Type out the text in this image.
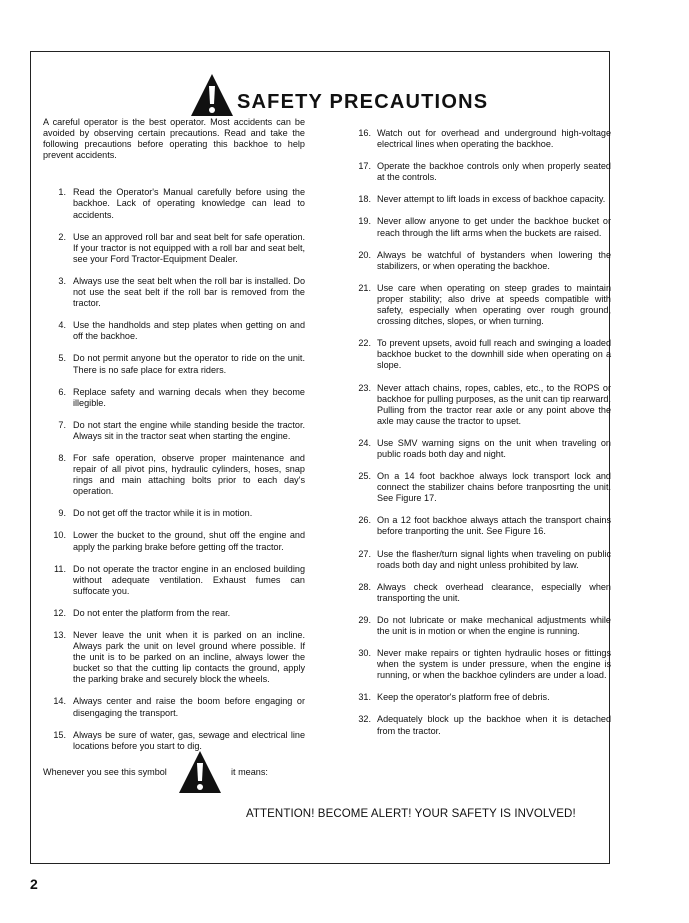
SAFETY PRECAUTIONS

A careful operator is the best operator. Most accidents can be avoided by observing certain precautions. Read and take the following precautions before operating this backhoe to help prevent accidents.

1. Read the Operator's Manual carefully before using the backhoe. Lack of operating knowledge can lead to accidents.
2. Use an approved roll bar and seat belt for safe operation. If your tractor is not equipped with a roll bar and seat belt, see your Ford Tractor-Equipment Dealer.
3. Always use the seat belt when the roll bar is installed. Do not use the seat belt if the roll bar is removed from the tractor.
4. Use the handholds and step plates when getting on and off the backhoe.
5. Do not permit anyone but the operator to ride on the unit. There is no safe place for extra riders.
6. Replace safety and warning decals when they become illegible.
7. Do not start the engine while standing beside the tractor. Always sit in the tractor seat when starting the engine.
8. For safe operation, observe proper maintenance and repair of all pivot pins, hydraulic cylinders, hoses, snap rings and main attaching bolts prior to each day's operation.
9. Do not get off the tractor while it is in motion.
10. Lower the bucket to the ground, shut off the engine and apply the parking brake before getting off the tractor.
11. Do not operate the tractor engine in an enclosed building without adequate ventilation. Exhaust fumes can suffocate you.
12. Do not enter the platform from the rear.
13. Never leave the unit when it is parked on an incline. Always park the unit on level ground where possible. If the unit is to be parked on an incline, always lower the bucket so that the cutting lip contacts the ground, apply the parking brake and securely block the wheels.
14. Always center and raise the boom before engaging or disengaging the transport.
15. Always be sure of water, gas, sewage and electrical line locations before you start to dig.
16. Watch out for overhead and underground high-voltage electrical lines when operating the backhoe.
17. Operate the backhoe controls only when properly seated at the controls.
18. Never attempt to lift loads in excess of backhoe capacity.
19. Never allow anyone to get under the backhoe bucket or reach through the lift arms when the buckets are raised.
20. Always be watchful of bystanders when lowering the stabilizers, or when operating the backhoe.
21. Use care when operating on steep grades to maintain proper stability; also drive at speeds compatible with safety, especially when operating over rough ground, crossing ditches, slopes, or when turning.
22. To prevent upsets, avoid full reach and swinging a loaded backhoe bucket to the downhill side when operating on a slope.
23. Never attach chains, ropes, cables, etc., to the ROPS or backhoe for pulling purposes, as the unit can tip rearward. Pulling from the tractor rear axle or any point above the axle may cause the tractor to upset.
24. Use SMV warning signs on the unit when traveling on public roads both day and night.
25. On a 14 foot backhoe always lock transport lock and connect the stabilizer chains before tranposrting the unit. See Figure 17.
26. On a 12 foot backhoe always attach the transport chains before tranporting the unit. See Figure 16.
27. Use the flasher/turn signal lights when traveling on public roads both day and night unless prohibited by law.
28. Always check overhead clearance, especially when transporting the unit.
29. Do not lubricate or make mechanical adjustments while the unit is in motion or when the engine is running.
30. Never make repairs or tighten hydraulic hoses or fittings when the system is under pressure, when the engine is running, or when the backhoe cylinders are under a load.
31. Keep the operator's platform free of debris.
32. Adequately block up the backhoe when it is detached from the tractor.
Whenever you see this symbol	it means:
ATTENTION! BECOME ALERT! YOUR SAFETY IS INVOLVED!
2
